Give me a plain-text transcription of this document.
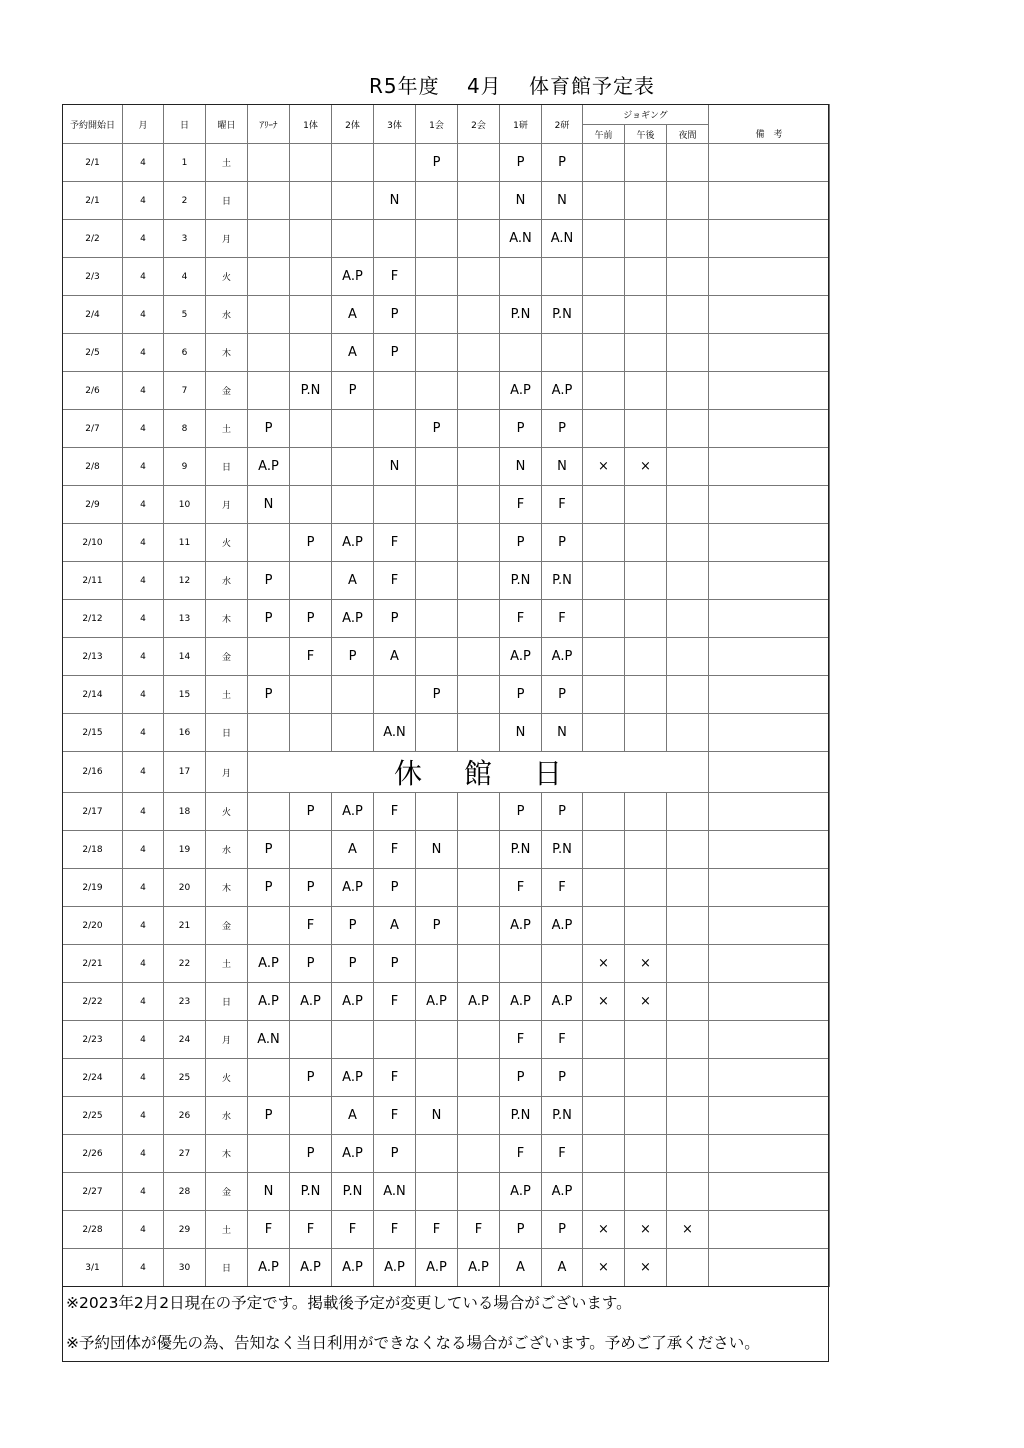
R5年度 4月 体育館予定表
予約開始日	月	日	曜日	ｱﾘｰﾅ	1体	2体	3体	1会	2会	1研	2研	ジョギング			
												午前	午後	夜間	備　考
2/1	4	1	土					P		P	P				
2/1	4	2	日				N			N	N				
2/2	4	3	月							A.N	A.N				
2/3	4	4	火			A.P	F								
2/4	4	5	水			A	P			P.N	P.N				
2/5	4	6	木			A	P								
2/6	4	7	金		P.N	P				A.P	A.P				
2/7	4	8	土	P				P		P	P				
2/8	4	9	日	A.P			N			N	N	×	×		
2/9	4	10	月	N						F	F				
2/10	4	11	火		P	A.P	F			P	P				
2/11	4	12	水	P		A	F			P.N	P.N				
2/12	4	13	木	P	P	A.P	P			F	F				
2/13	4	14	金		F	P	A			A.P	A.P				
2/14	4	15	土	P				P		P	P				
2/15	4	16	日				A.N			N	N				
2/16	4	17	月	休館日											
2/17	4	18	火		P	A.P	F			P	P				
2/18	4	19	水	P		A	F	N		P.N	P.N				
2/19	4	20	木	P	P	A.P	P			F	F				
2/20	4	21	金		F	P	A	P		A.P	A.P				
2/21	4	22	土	A.P	P	P	P					×	×		
2/22	4	23	日	A.P	A.P	A.P	F	A.P	A.P	A.P	A.P	×	×		
2/23	4	24	月	A.N						F	F				
2/24	4	25	火		P	A.P	F			P	P				
2/25	4	26	水	P		A	F	N		P.N	P.N				
2/26	4	27	木		P	A.P	P			F	F				
2/27	4	28	金	N	P.N	P.N	A.N			A.P	A.P				
2/28	4	29	土	F	F	F	F	F	F	P	P	×	×	×	
3/1	4	30	日	A.P	A.P	A.P	A.P	A.P	A.P	A	A	×	×		

※2023年2月2日現在の予定です。掲載後予定が変更している場合がございます。

※予約団体が優先の為、告知なく当日利用ができなくなる場合がございます。予めご了承ください。
